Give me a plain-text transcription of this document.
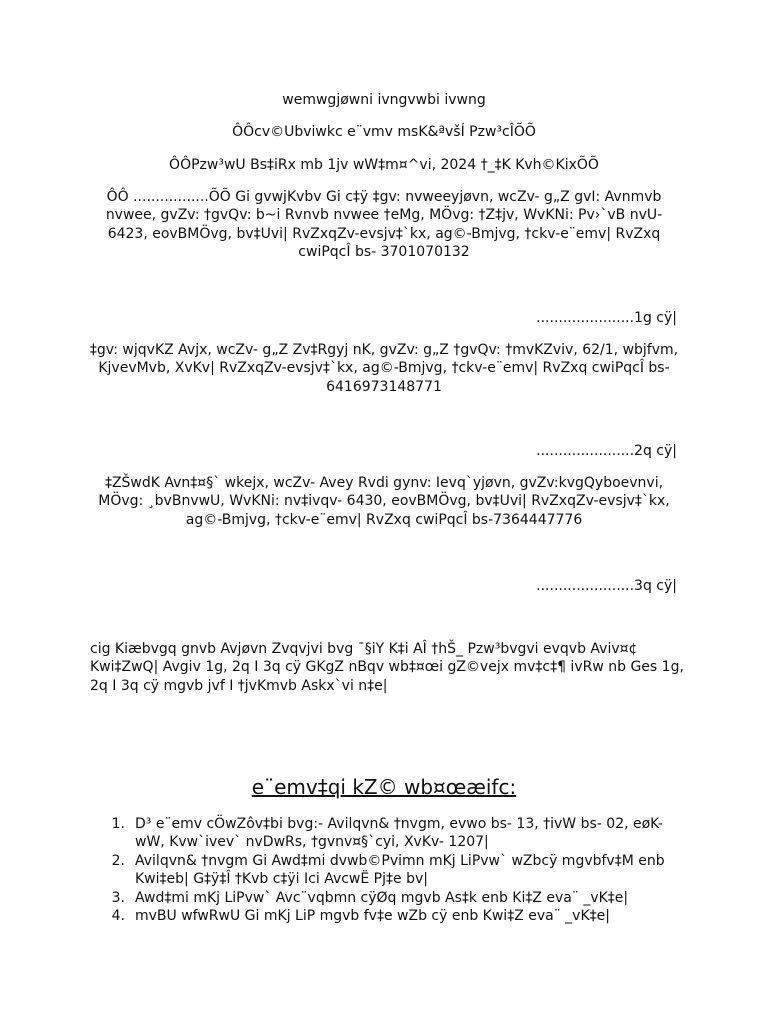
wemwgjøwni ivngvwbi ivwng
ÔÔcv©Ubviwkc e¨vmv msK&ªvšÍ Pzw³cÎÕÕ
ÔÔPzw³wU Bs‡iRx mb 1jv wW‡m¤^vi, 2024 †_‡K Kvh©KixÕÕ
ÔÔ .................ÕÕ Gi gvwjKvbv Gi c‡ÿ ‡gv: nvweeyjøvn, wcZv- g„Z gvI: Avnmvb
nvwee, gvZv: †gvQv: b~i Rvnvb nvwee †eMg, MÖvg: †Z‡jv, WvKNi: Pv›`vB nvU-
6423, eovBMÖvg, bv‡Uvi| RvZxqZv-evsjv‡`kx, ag©-Bmjvg, †ckv-e¨emv| RvZxq
cwiPqcÎ bs- 3701070132
......................1g cÿ|
‡gv: wjqvKZ Avjx, wcZv- g„Z Zv‡Rgyj nK, gvZv: g„Z †gvQv: †mvKZviv, 62/1, wbjfvm,
KjvevMvb, XvKv| RvZxqZv-evsjv‡`kx, ag©-Bmjvg, †ckv-e¨emv| RvZxq cwiPqcÎ bs-
6416973148771
......................2q cÿ|
‡ZŠwdK Avn‡¤§` wkejx, wcZv- Avey Rvdi gynv: Ievq`yjøvn, gvZv:kvgQyboevnvi,
MÖvg: ¸bvBnvwU, WvKNi: nv‡ivqv- 6430, eovBMÖvg, bv‡Uvi| RvZxqZv-evsjv‡`kx,
ag©-Bmjvg, †ckv-e¨emv| RvZxq cwiPqcÎ bs-7364447776
......................3q cÿ|
cig Kiæbvgq gnvb Avjøvn Zvqvjvi bvg ¯§iY K‡i AÎ †hŠ_ Pzw³bvgvi evqvb Aviv¤¢
Kwi‡ZwQ| Avgiv 1g, 2q I 3q cÿ GKgZ nBqv wb‡¤œi gZ©vejx mv‡c‡¶ ivRw nb Ges 1g,
2q I 3q cÿ mgvb jvf I †jvKmvb Askx`vi n‡e|
e¨emv‡qi kZ© wb¤œæifc:
1. D³ e¨emv cÖwZôv‡bi bvg:- Avilqvn& †nvgm, evwo bs- 13, †ivW bs- 02, eøK-
wW, Kvw`ivev` nvDwRs, †gvnv¤§`cyi, XvKv- 1207|
2. Avilqvn& †nvgm Gi Awd‡mi dvwb©Pvimn mKj LiPvw` wZbcÿ mgvbfv‡M enb
Kwi‡eb| G‡ÿ‡Î †Kvb c‡ÿi Ici AvcwË Pj‡e bv|
3. Awd‡mi mKj LiPvw` Avc¨vqbmn cÿØq mgvb As‡k enb Ki‡Z eva¨ _vK‡e|
4. mvBU wfwRwU Gi mKj LiP mgvb fv‡e wZb cÿ enb Kwi‡Z eva¨ _vK‡e|
